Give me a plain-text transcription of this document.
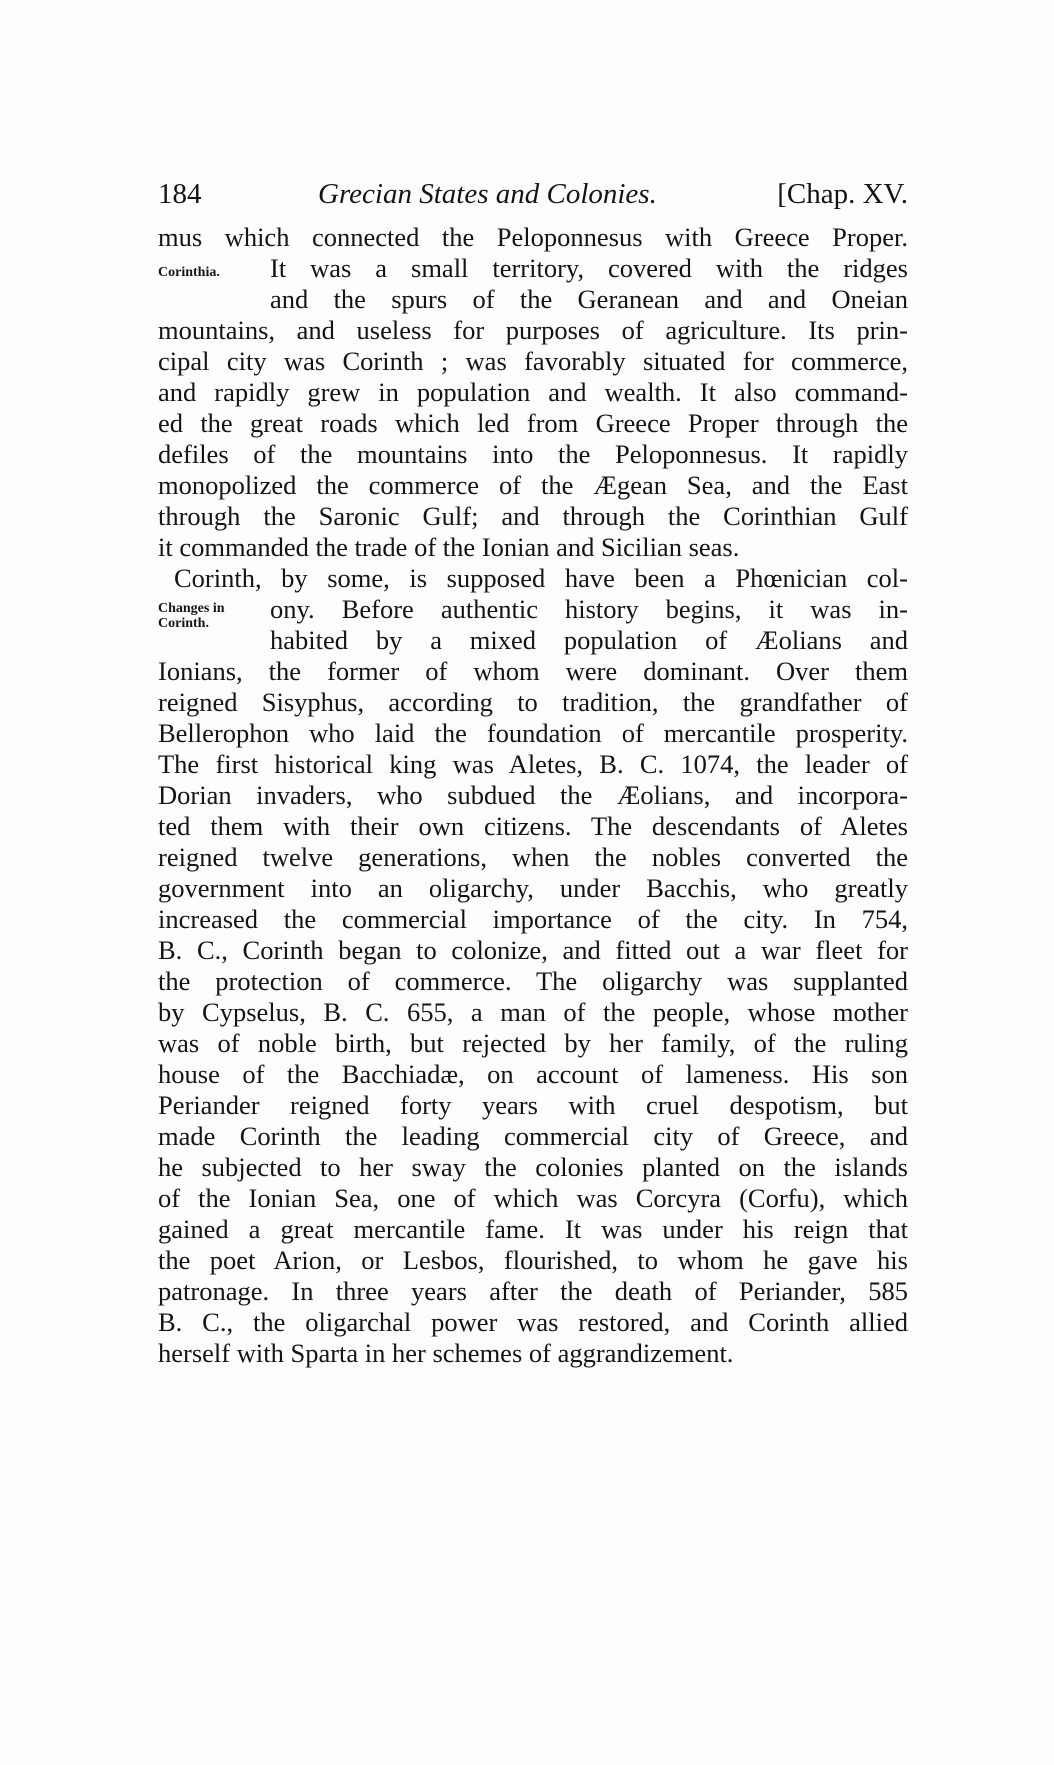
184	Grecian States and Colonies.	[Chap. XV.
Corinthia.
Changes in
Corinth.
mus which connected the Peloponnesus with Greece Proper.
It was a small territory, covered with the ridges
and the spurs of the Geranean and and Oneian
mountains, and useless for purposes of agriculture. Its prin-
cipal city was Corinth ; was favorably situated for commerce,
and rapidly grew in population and wealth. It also command-
ed the great roads which led from Greece Proper through the
defiles of the mountains into the Peloponnesus. It rapidly
monopolized the commerce of the Ægean Sea, and the East
through the Saronic Gulf; and through the Corinthian Gulf
it commanded the trade of the Ionian and Sicilian seas.
Corinth, by some, is supposed have been a Phœnician col-
ony. Before authentic history begins, it was in-
habited by a mixed population of Æolians and
Ionians, the former of whom were dominant. Over them
reigned Sisyphus, according to tradition, the grandfather of
Bellerophon who laid the foundation of mercantile prosperity.
The first historical king was Aletes, B. C. 1074, the leader of
Dorian invaders, who subdued the Æolians, and incorpora-
ted them with their own citizens. The descendants of Aletes
reigned twelve generations, when the nobles converted the
government into an oligarchy, under Bacchis, who greatly
increased the commercial importance of the city. In 754,
B. C., Corinth began to colonize, and fitted out a war fleet for
the protection of commerce. The oligarchy was supplanted
by Cypselus, B. C. 655, a man of the people, whose mother
was of noble birth, but rejected by her family, of the ruling
house of the Bacchiadæ, on account of lameness. His son
Periander reigned forty years with cruel despotism, but
made Corinth the leading commercial city of Greece, and
he subjected to her sway the colonies planted on the islands
of the Ionian Sea, one of which was Corcyra (Corfu), which
gained a great mercantile fame. It was under his reign that
the poet Arion, or Lesbos, flourished, to whom he gave his
patronage. In three years after the death of Periander, 585
B. C., the oligarchal power was restored, and Corinth allied
herself with Sparta in her schemes of aggrandizement.
